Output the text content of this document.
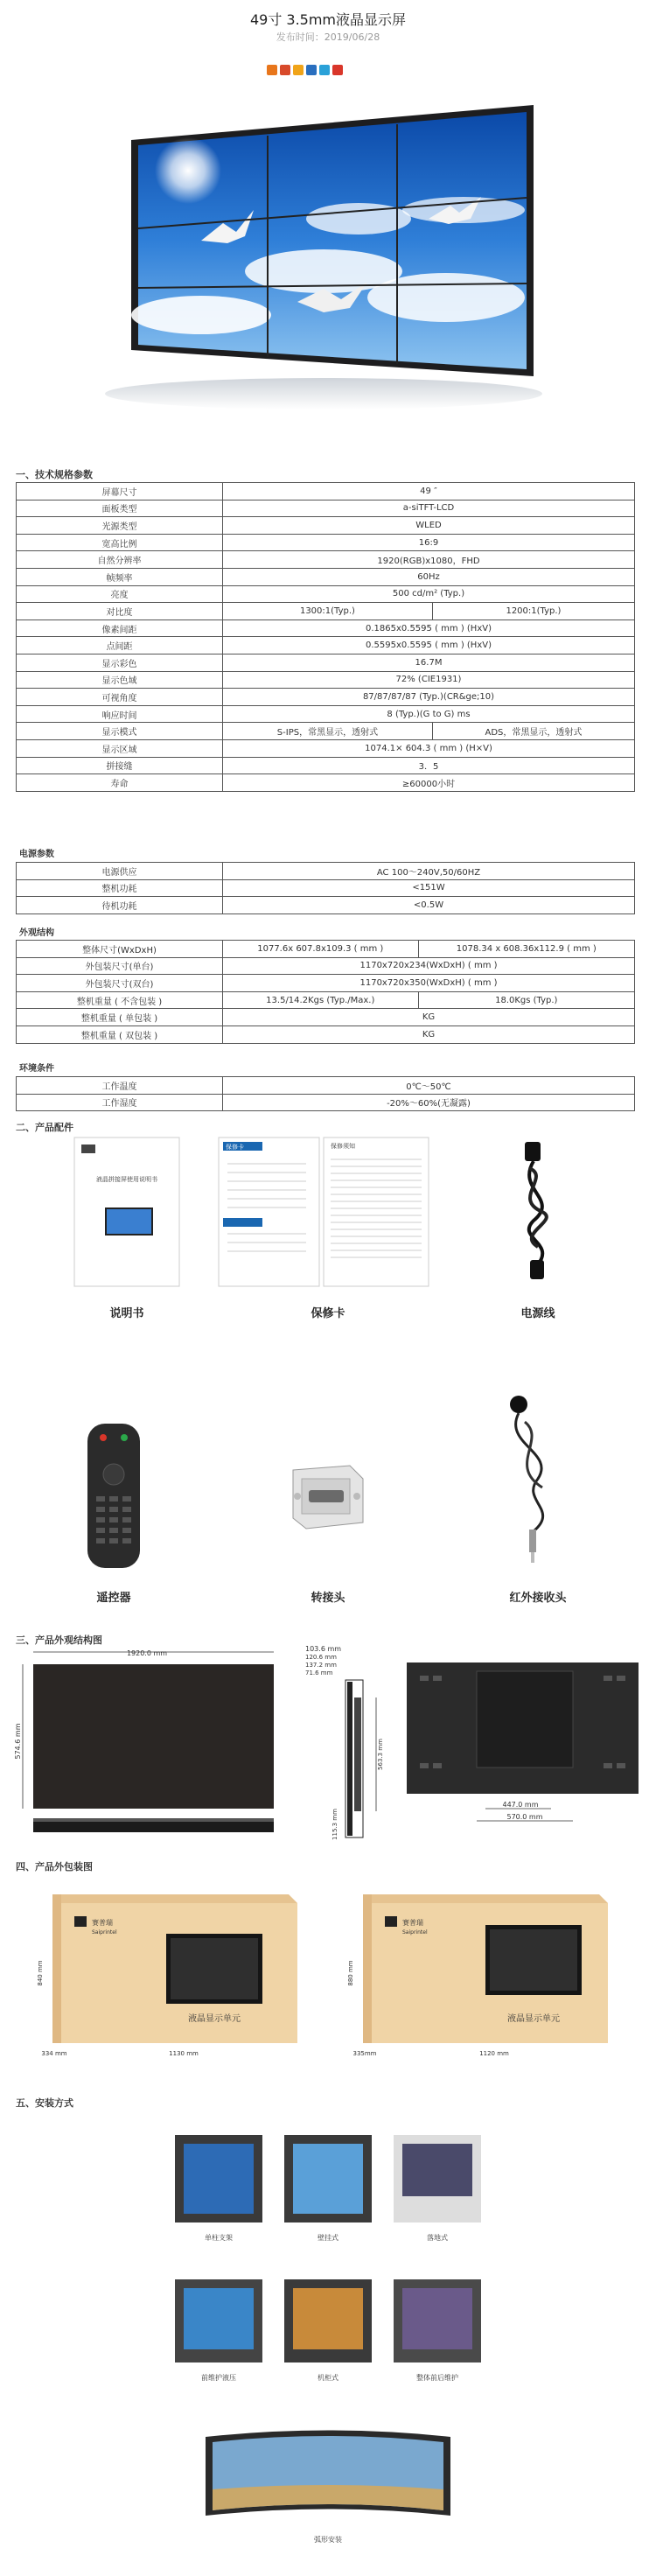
49寸 3.5mm液晶显示屏
发布时间：2019/06/28
一、技术规格参数
屏幕尺寸	49 ″	
面板类型	a-siTFT-LCD	
光源类型	WLED	
宽高比例	16:9	
自然分辨率	1920(RGB)x1080，FHD	
帧频率	60Hz	
亮度	500 cd/m² (Typ.)	
对比度	1300:1(Typ.)	1200:1(Typ.)
像素间距	0.1865x0.5595 ( mm ) (HxV)	
点间距	0.5595x0.5595 ( mm ) (HxV)	
显示彩色	16.7M	
显示色域	72% (CIE1931)	
可视角度	87/87/87/87 (Typ.)(CR&ge;10)	
响应时间	8 (Typ.)(G to G) ms	
显示模式	S-IPS，常黑显示，透射式	ADS，常黑显示，透射式
显示区域	1074.1× 604.3 ( mm ) (H×V)	
拼接缝	3．5	
寿命	≥60000小时	
电源参数
电源供应	AC 100～240V,50/60HZ
整机功耗	<151W
待机功耗	<0.5W
外观结构
整体尺寸(WxDxH)	1077.6x 607.8x109.3 ( mm )	1078.34 x 608.36x112.9 ( mm )
外包装尺寸(单台)	1170x720x234(WxDxH) ( mm )	
外包装尺寸(双台)	1170x720x350(WxDxH) ( mm )	
整机重量 ( 不含包装 )	13.5/14.2Kgs (Typ./Max.)	18.0Kgs (Typ.)
整机重量 ( 单包装 )	KG	
整机重量 ( 双包装 )	KG	
环境条件
工作温度	0℃～50℃
工作湿度	-20%～60%(无凝露)
二、产品配件
液晶拼接屏使用说明书
说明书
保修卡	保修须知
保修卡	电源线
遥控器	转接头	红外接收头
三、产品外观结构图
1920.0 mm
574.6 mm
103.6 mm
120.6 mm
137.2 mm
71.6 mm
563.3 mm
115.3 mm
447.0 mm
570.0 mm
四、产品外包装图
赛普瑞
Saiprintel
液晶显示单元
840 mm
1130 mm
334 mm
赛普瑞
Saiprintel
液晶显示单元
880 mm
1120 mm
335mm
五、安装方式
单柱支架	壁挂式	落地式
前维护液压	机柜式	整体前后维护
弧形安装
